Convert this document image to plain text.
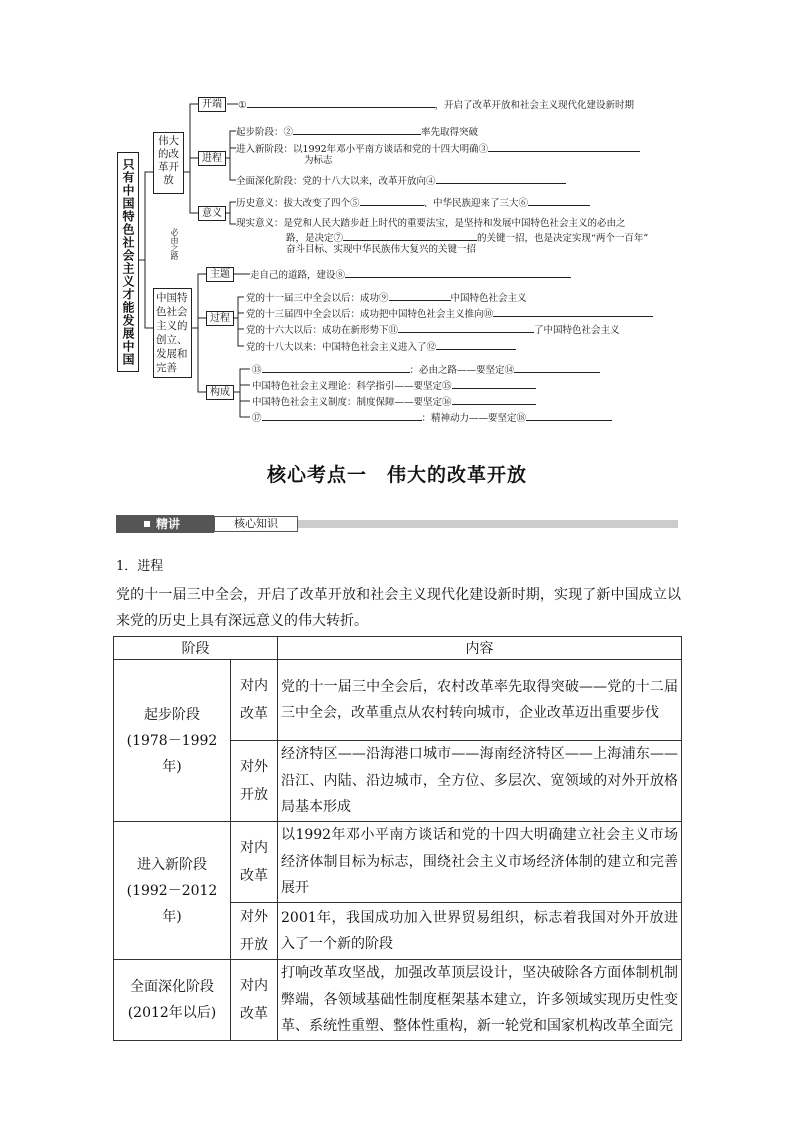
只有中国特色社会主义才能发展中国
伟大的改革开放
必由之路
中国特色社会主义的创立、发展和完善
开端
进程
意义
①	，开启了改革开放和社会主义现代化建设新时期
起步阶段：②	率先取得突破
进入新阶段：以1992年邓小平南方谈话和党的十四大明确③
为标志
全面深化阶段：党的十八大以来，改革开放向④
历史意义：拔大改变了四个⑤	、中华民族迎来了三大⑥
现实意义：是党和人民大踏步赶上时代的重要法宝，是坚持和发展中国特色社会主义的必由之
路，是决定⑦	的关键一招，也是决定实现“两个一百年”
奋斗目标、实现中华民族伟大复兴的关键一招
主题
过程
构成
走自己的道路，建设⑧
党的十一届三中全会以后：成功⑨	中国特色社会主义
党的十三届四中全会以后：成功把中国特色社会主义推向⑩
党的十六大以后：成功在新形势下⑪	了中国特色社会主义
党的十八大以来：中国特色社会主义进入了⑫
⑬	：必由之路——要坚定⑭
中国特色社会主义理论：科学指引——要坚定⑮
中国特色社会主义制度：制度保障——要坚定⑯
⑰	：精神动力——要坚定⑱
核心考点一　伟大的改革开放
精讲	核心知识
1．进程
党的十一届三中全会，开启了改革开放和社会主义现代化建设新时期，实现了新中国成立以来党的历史上具有深远意义的伟大转折。
阶段		内容

起步阶段
(1978－1992年)	对内改革	党的十一届三中全会后，农村改革率先取得突破——党的十二届三中全会，改革重点从农村转向城市，企业改革迈出重要步伐
	对外开放	经济特区——沿海港口城市——海南经济特区——上海浦东——沿江、内陆、沿边城市，全方位、多层次、宽领域的对外开放格局基本形成

进入新阶段
(1992－2012年)	对内改革	以1992年邓小平南方谈话和党的十四大明确建立社会主义市场经济体制目标为标志，围绕社会主义市场经济体制的建立和完善展开
	对外开放	2001年，我国成功加入世界贸易组织，标志着我国对外开放进入了一个新的阶段

全面深化阶段
(2012年以后)	对内改革	打响改革攻坚战，加强改革顶层设计，坚决破除各方面体制机制弊端，各领域基础性制度框架基本建立，许多领域实现历史性变革、系统性重塑、整体性重构，新一轮党和国家机构改革全面完
